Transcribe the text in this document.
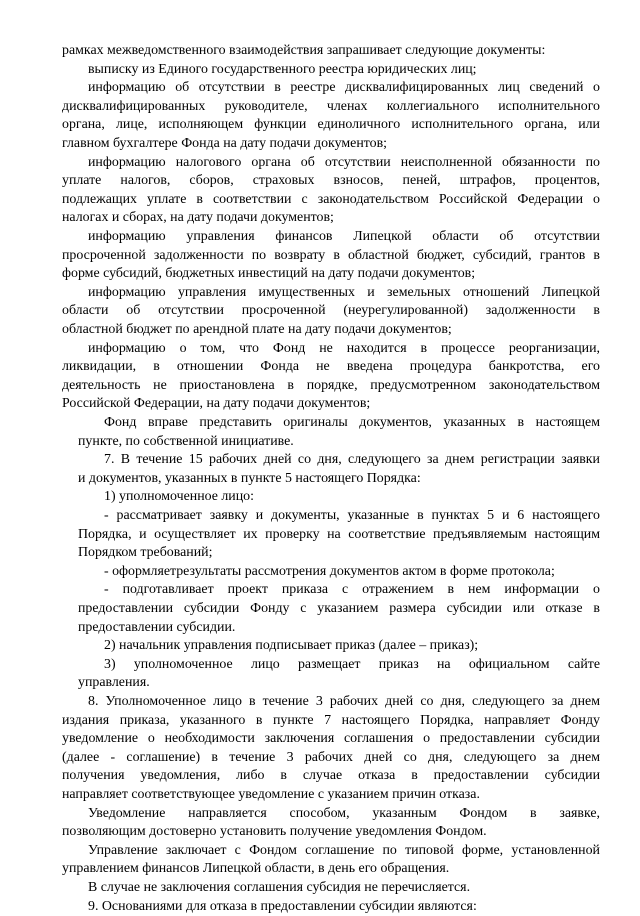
рамках межведомственного взаимодействия запрашивает следующие документы:
выписку из Единого государственного реестра юридических лиц;
информацию об отсутствии в реестре дисквалифицированных лиц сведений о
дисквалифицированных руководителе, членах коллегиального исполнительного
органа, лице, исполняющем функции единоличного исполнительного органа, или
главном бухгалтере Фонда на дату подачи документов;
информацию налогового органа об отсутствии неисполненной обязанности по
уплате налогов, сборов, страховых взносов, пеней, штрафов, процентов,
подлежащих уплате в соответствии с законодательством Российской Федерации о
налогах и сборах, на дату подачи документов;
информацию управления финансов Липецкой области об отсутствии
просроченной задолженности по возврату в областной бюджет, субсидий, грантов в
форме субсидий, бюджетных инвестиций на дату подачи документов;
информацию управления имущественных и земельных отношений Липецкой
области об отсутствии просроченной (неурегулированной) задолженности в
областной бюджет по арендной плате на дату подачи документов;
информацию о том, что Фонд не находится в процессе реорганизации,
ликвидации, в отношении Фонда не введена процедура банкротства, его
деятельность не приостановлена в порядке, предусмотренном законодательством
Российской Федерации, на дату подачи документов;
Фонд вправе представить оригиналы документов, указанных в настоящем
пункте, по собственной инициативе.
7. В течение 15 рабочих дней со дня, следующего за днем регистрации заявки
и документов, указанных в пункте 5 настоящего Порядка:
1) уполномоченное лицо:
- рассматривает заявку и документы, указанные в пунктах 5 и 6 настоящего
Порядка, и осуществляет их проверку на соответствие предъявляемым настоящим
Порядком требований;
- оформляетрезультаты рассмотрения документов актом в форме протокола;
- подготавливает проект приказа с отражением в нем информации о
предоставлении субсидии Фонду с указанием размера субсидии или отказе в
предоставлении субсидии.
2) начальник управления подписывает приказ (далее – приказ);
3) уполномоченное лицо размещает приказ на официальном сайте
управления.
8. Уполномоченное лицо в течение 3 рабочих дней со дня, следующего за днем
издания приказа, указанного в пункте 7 настоящего Порядка, направляет Фонду
уведомление о необходимости заключения соглашения о предоставлении субсидии
(далее - соглашение) в течение 3 рабочих дней со дня, следующего за днем
получения уведомления, либо в случае отказа в предоставлении субсидии
направляет соответствующее уведомление с указанием причин отказа.
Уведомление направляется способом, указанным Фондом в заявке,
позволяющим достоверно установить получение уведомления Фондом.
Управление заключает с Фондом соглашение по типовой форме, установленной
управлением финансов Липецкой области, в день его обращения.
В случае не заключения соглашения субсидия не перечисляется.
9. Основаниями для отказа в предоставлении субсидии являются:
